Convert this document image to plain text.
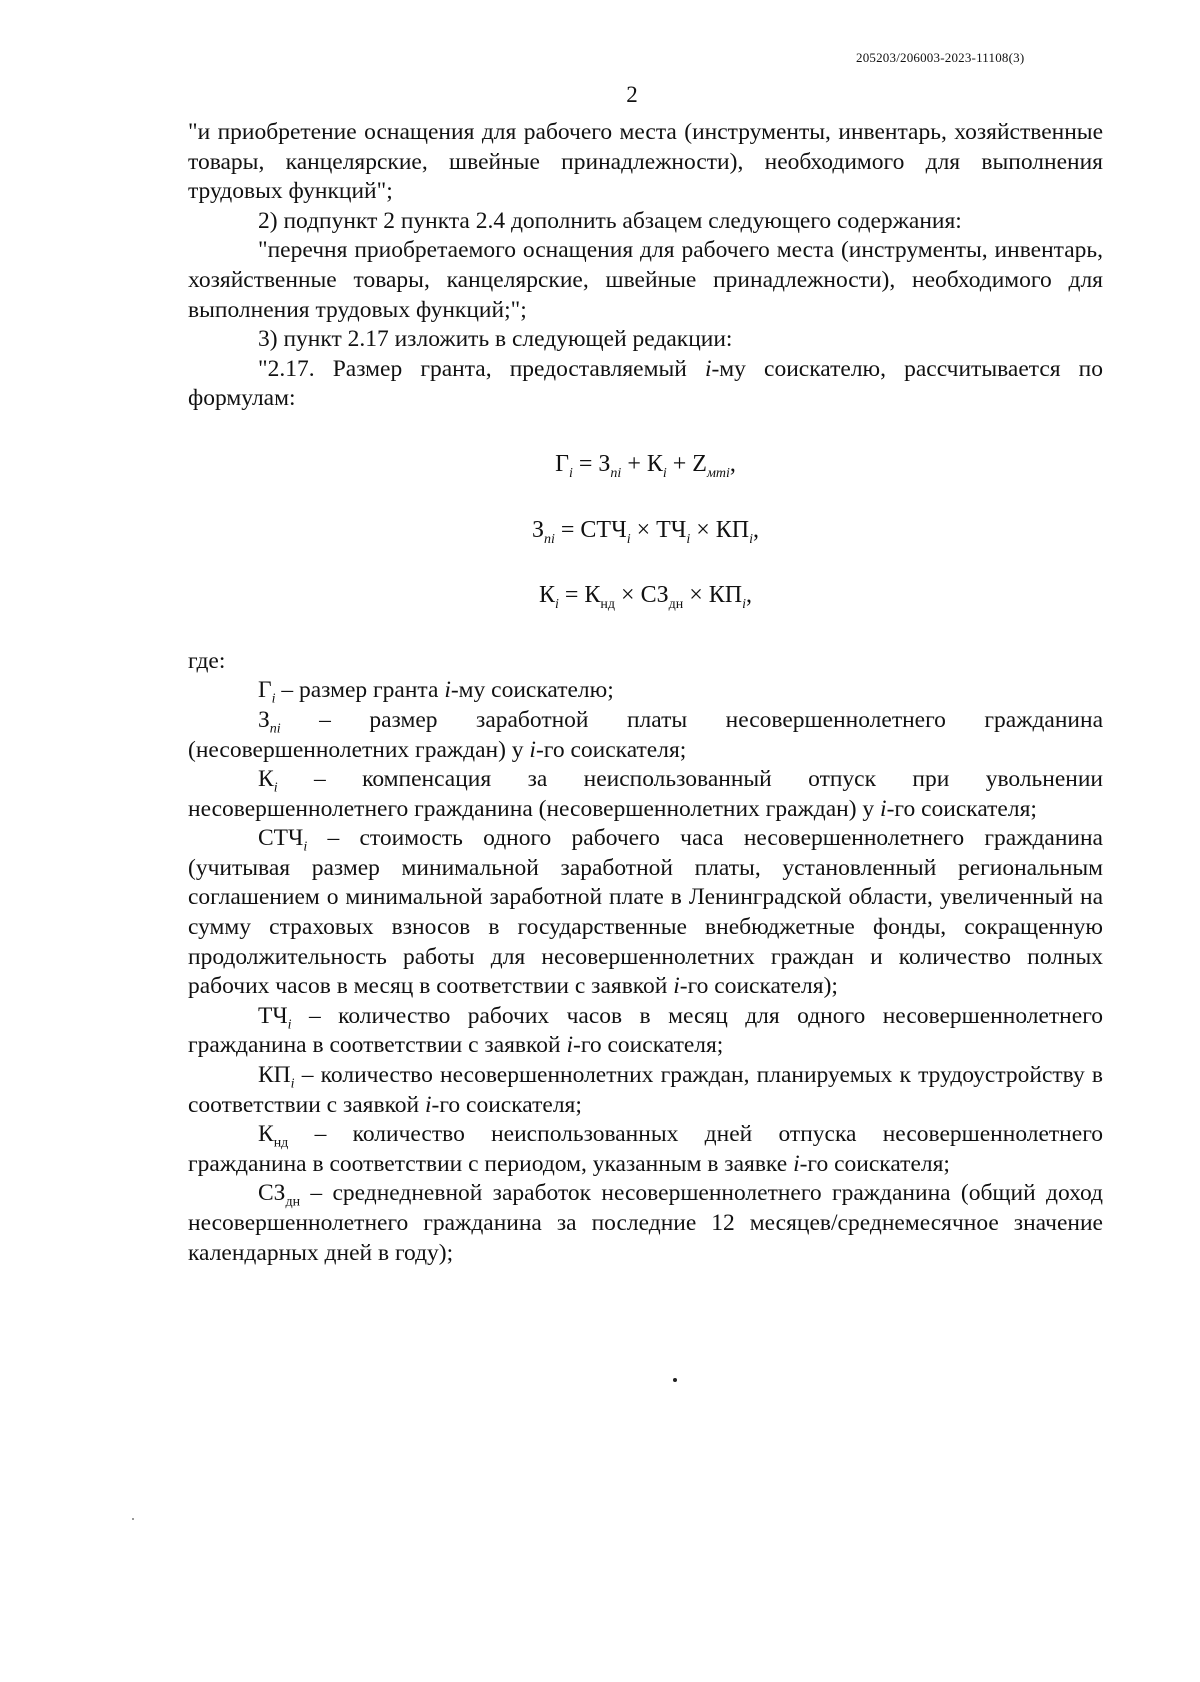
205203/206003-2023-11108(3)
2

"и приобретение оснащения для рабочего места (инструменты, инвентарь, хозяйственные товары, канцелярские, швейные принадлежности), необходимого для выполнения трудовых функций";

2) подпункт 2 пункта 2.4 дополнить абзацем следующего содержания:

"перечня приобретаемого оснащения для рабочего места (инструменты, инвентарь, хозяйственные товары, канцелярские, швейные принадлежности), необходимого для выполнения трудовых функций;";

3) пункт 2.17 изложить в следующей редакции:

"2.17. Размер гранта, предоставляемый i-му соискателю, рассчитывается по формулам:

$Г_i = З_{ni} + К_i + Z_{мтi}$,

$З_{ni} = СТЧ_i \times ТЧ_i \times КП_i$,

$К_i = К_{нд} \times СЗ_{дн} \times КП_i$,

где:

$Г_i$ – размер гранта i-му соискателю;

$З_{ni}$ – размер заработной платы несовершеннолетнего гражданина (несовершеннолетних граждан) у i-го соискателя;

$К_i$ – компенсация за неиспользованный отпуск при увольнении несовершеннолетнего гражданина (несовершеннолетних граждан) у i-го соискателя;

$СТЧ_i$ – стоимость одного рабочего часа несовершеннолетнего гражданина (учитывая размер минимальной заработной платы, установленный региональным соглашением о минимальной заработной плате в Ленинградской области, увеличенный на сумму страховых взносов в государственные внебюджетные фонды, сокращенную продолжительность работы для несовершеннолетних граждан и количество полных рабочих часов в месяц в соответствии с заявкой i-го соискателя);

$ТЧ_i$ – количество рабочих часов в месяц для одного несовершеннолетнего гражданина в соответствии с заявкой i-го соискателя;

$КП_i$ – количество несовершеннолетних граждан, планируемых к трудоустройству в соответствии с заявкой i-го соискателя;

$К_{нд}$ – количество неиспользованных дней отпуска несовершеннолетнего гражданина в соответствии с периодом, указанным в заявке i-го соискателя;

$СЗ_{дн}$ – среднедневной заработок несовершеннолетнего гражданина (общий доход несовершеннолетнего гражданина за последние 12 месяцев/среднемесячное значение календарных дней в году);
